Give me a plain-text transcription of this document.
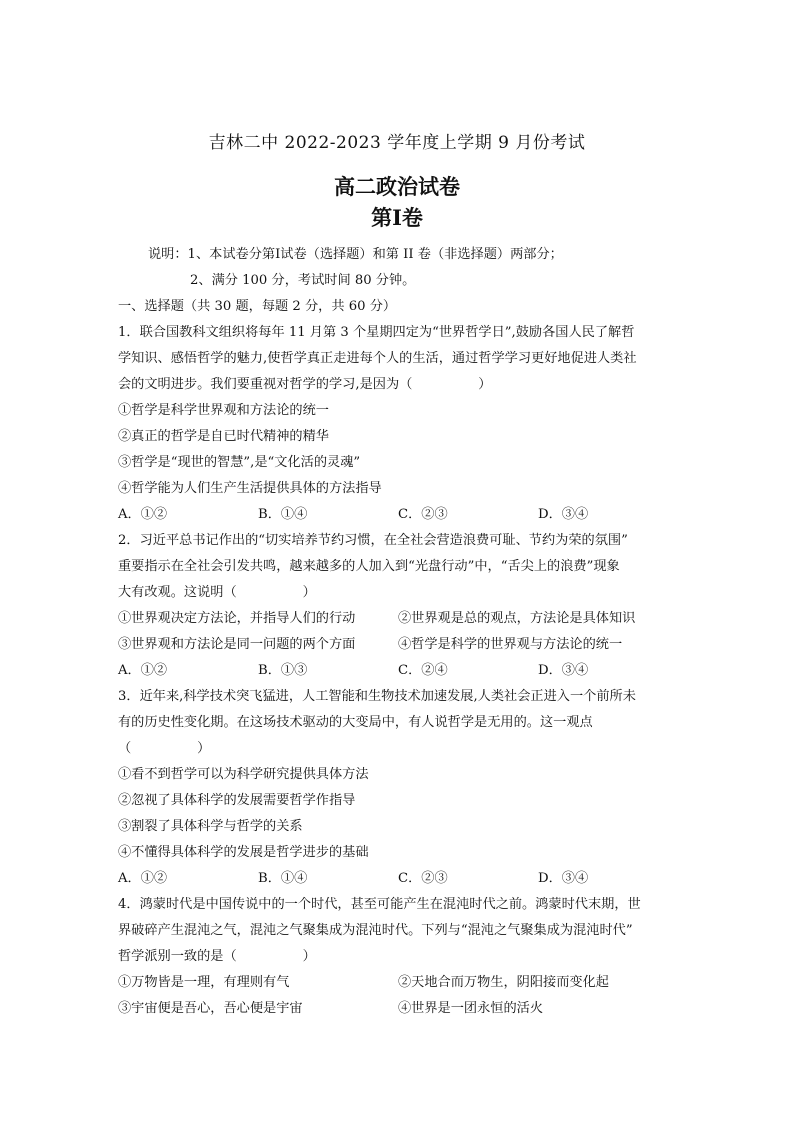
吉林二中 2022-2023 学年度上学期 9 月份考试
高二政治试卷
第Ⅰ卷
说明：1、本试卷分第Ⅰ试卷（选择题）和第 II 卷（非选择题）两部分；
2、满分 100 分，考试时间 80 分钟。
一、选择题（共 30 题，每题 2 分，共 60 分）
1．联合国教科文组织将每年 11 月第 3 个星期四定为“世界哲学日”,鼓励各国人民了解哲
学知识、感悟哲学的魅力,使哲学真正走进每个人的生活，通过哲学学习更好地促进人类社
会的文明进步。我们要重视对哲学的学习,是因为（　　　　　）
①哲学是科学世界观和方法论的统一
②真正的哲学是自已时代精神的精华
③哲学是“现世的智慧”,是“文化活的灵魂”
④哲学能为人们生产生活提供具体的方法指导
A．①②	B．①④	C．②③	D．③④
2．习近平总书记作出的“切实培养节约习惯，在全社会营造浪费可耻、节约为荣的氛围”
重要指示在全社会引发共鸣，越来越多的人加入到“光盘行动”中，“舌尖上的浪费”现象
大有改观。这说明（　　　　　）
①世界观决定方法论，并指导人们的行动	②世界观是总的观点，方法论是具体知识
③世界观和方法论是同一问题的两个方面	④哲学是科学的世界观与方法论的统一
A．①②	B．①③	C．②④	D．③④
3．近年来,科学技术突飞猛进，人工智能和生物技术加速发展,人类社会正进入一个前所未
有的历史性变化期。在这场技术驱动的大变局中，有人说哲学是无用的。这一观点
（　　　　　）
①看不到哲学可以为科学研究提供具体方法
②忽视了具体科学的发展需要哲学作指导
③割裂了具体科学与哲学的关系
④不懂得具体科学的发展是哲学进步的基础
A．①②	B．①④	C．②③	D．③④
4．鸿蒙时代是中国传说中的一个时代，甚至可能产生在混沌时代之前。鸿蒙时代末期，世
界破碎产生混沌之气，混沌之气聚集成为混沌时代。下列与“混沌之气聚集成为混沌时代”
哲学派别一致的是（　　　　　）
①万物皆是一理，有理则有气	②天地合而万物生，阴阳接而变化起
③宇宙便是吾心，吾心便是宇宙	④世界是一团永恒的活火
